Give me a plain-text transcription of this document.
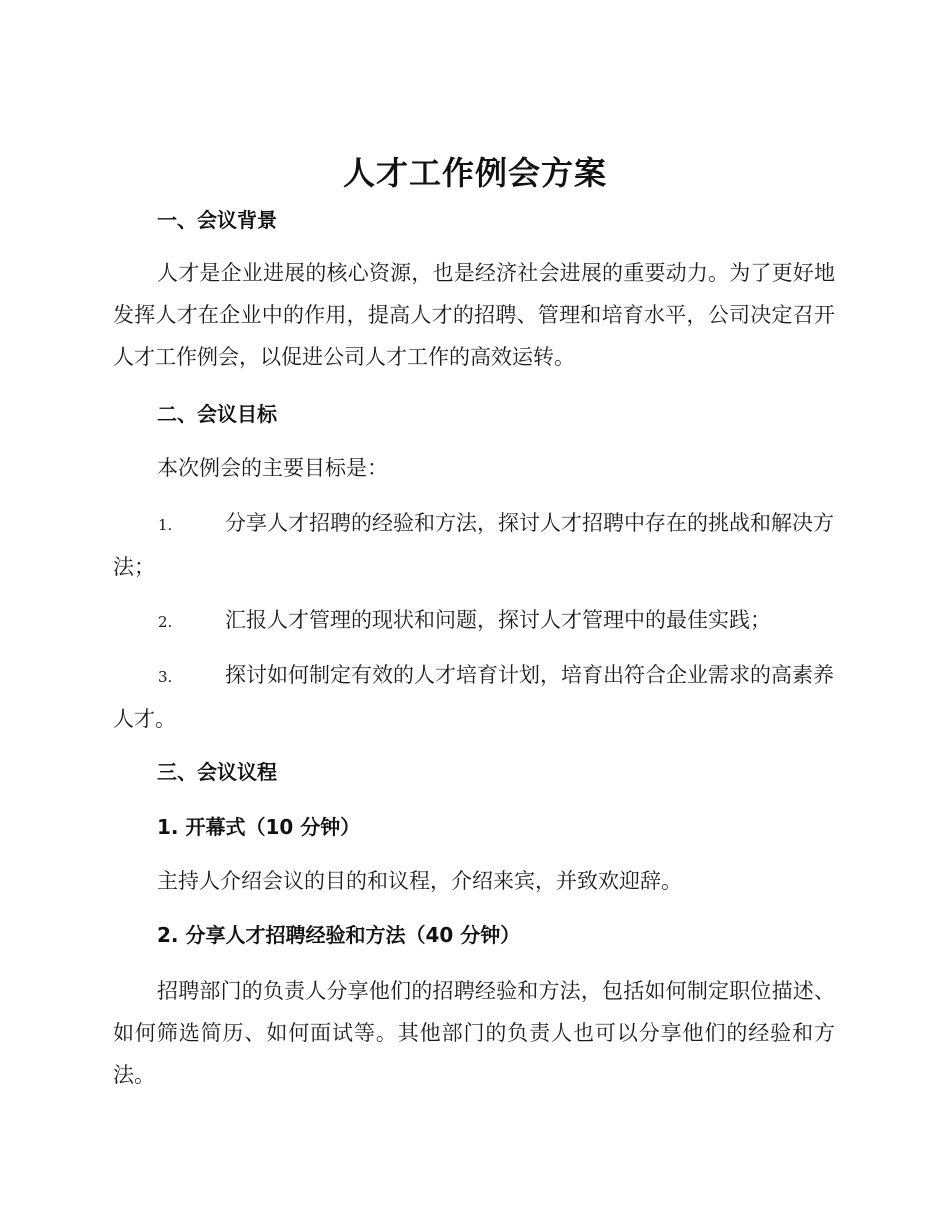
人才工作例会方案
一、会议背景

人才是企业进展的核心资源，也是经济社会进展的重要动力。为了更好地发挥人才在企业中的作用，提高人才的招聘、管理和培育水平，公司决定召开人才工作例会，以促进公司人才工作的高效运转。

二、会议目标

本次例会的主要目标是：

1.	分享人才招聘的经验和方法，探讨人才招聘中存在的挑战和解决方法；

2.	汇报人才管理的现状和问题，探讨人才管理中的最佳实践；

3.	探讨如何制定有效的人才培育计划，培育出符合企业需求的高素养人才。

三、会议议程
1. 开幕式（10 分钟）

主持人介绍会议的目的和议程，介绍来宾，并致欢迎辞。

2. 分享人才招聘经验和方法（40 分钟）

招聘部门的负责人分享他们的招聘经验和方法，包括如何制定职位描述、如何筛选简历、如何面试等。其他部门的负责人也可以分享他们的经验和方法。
